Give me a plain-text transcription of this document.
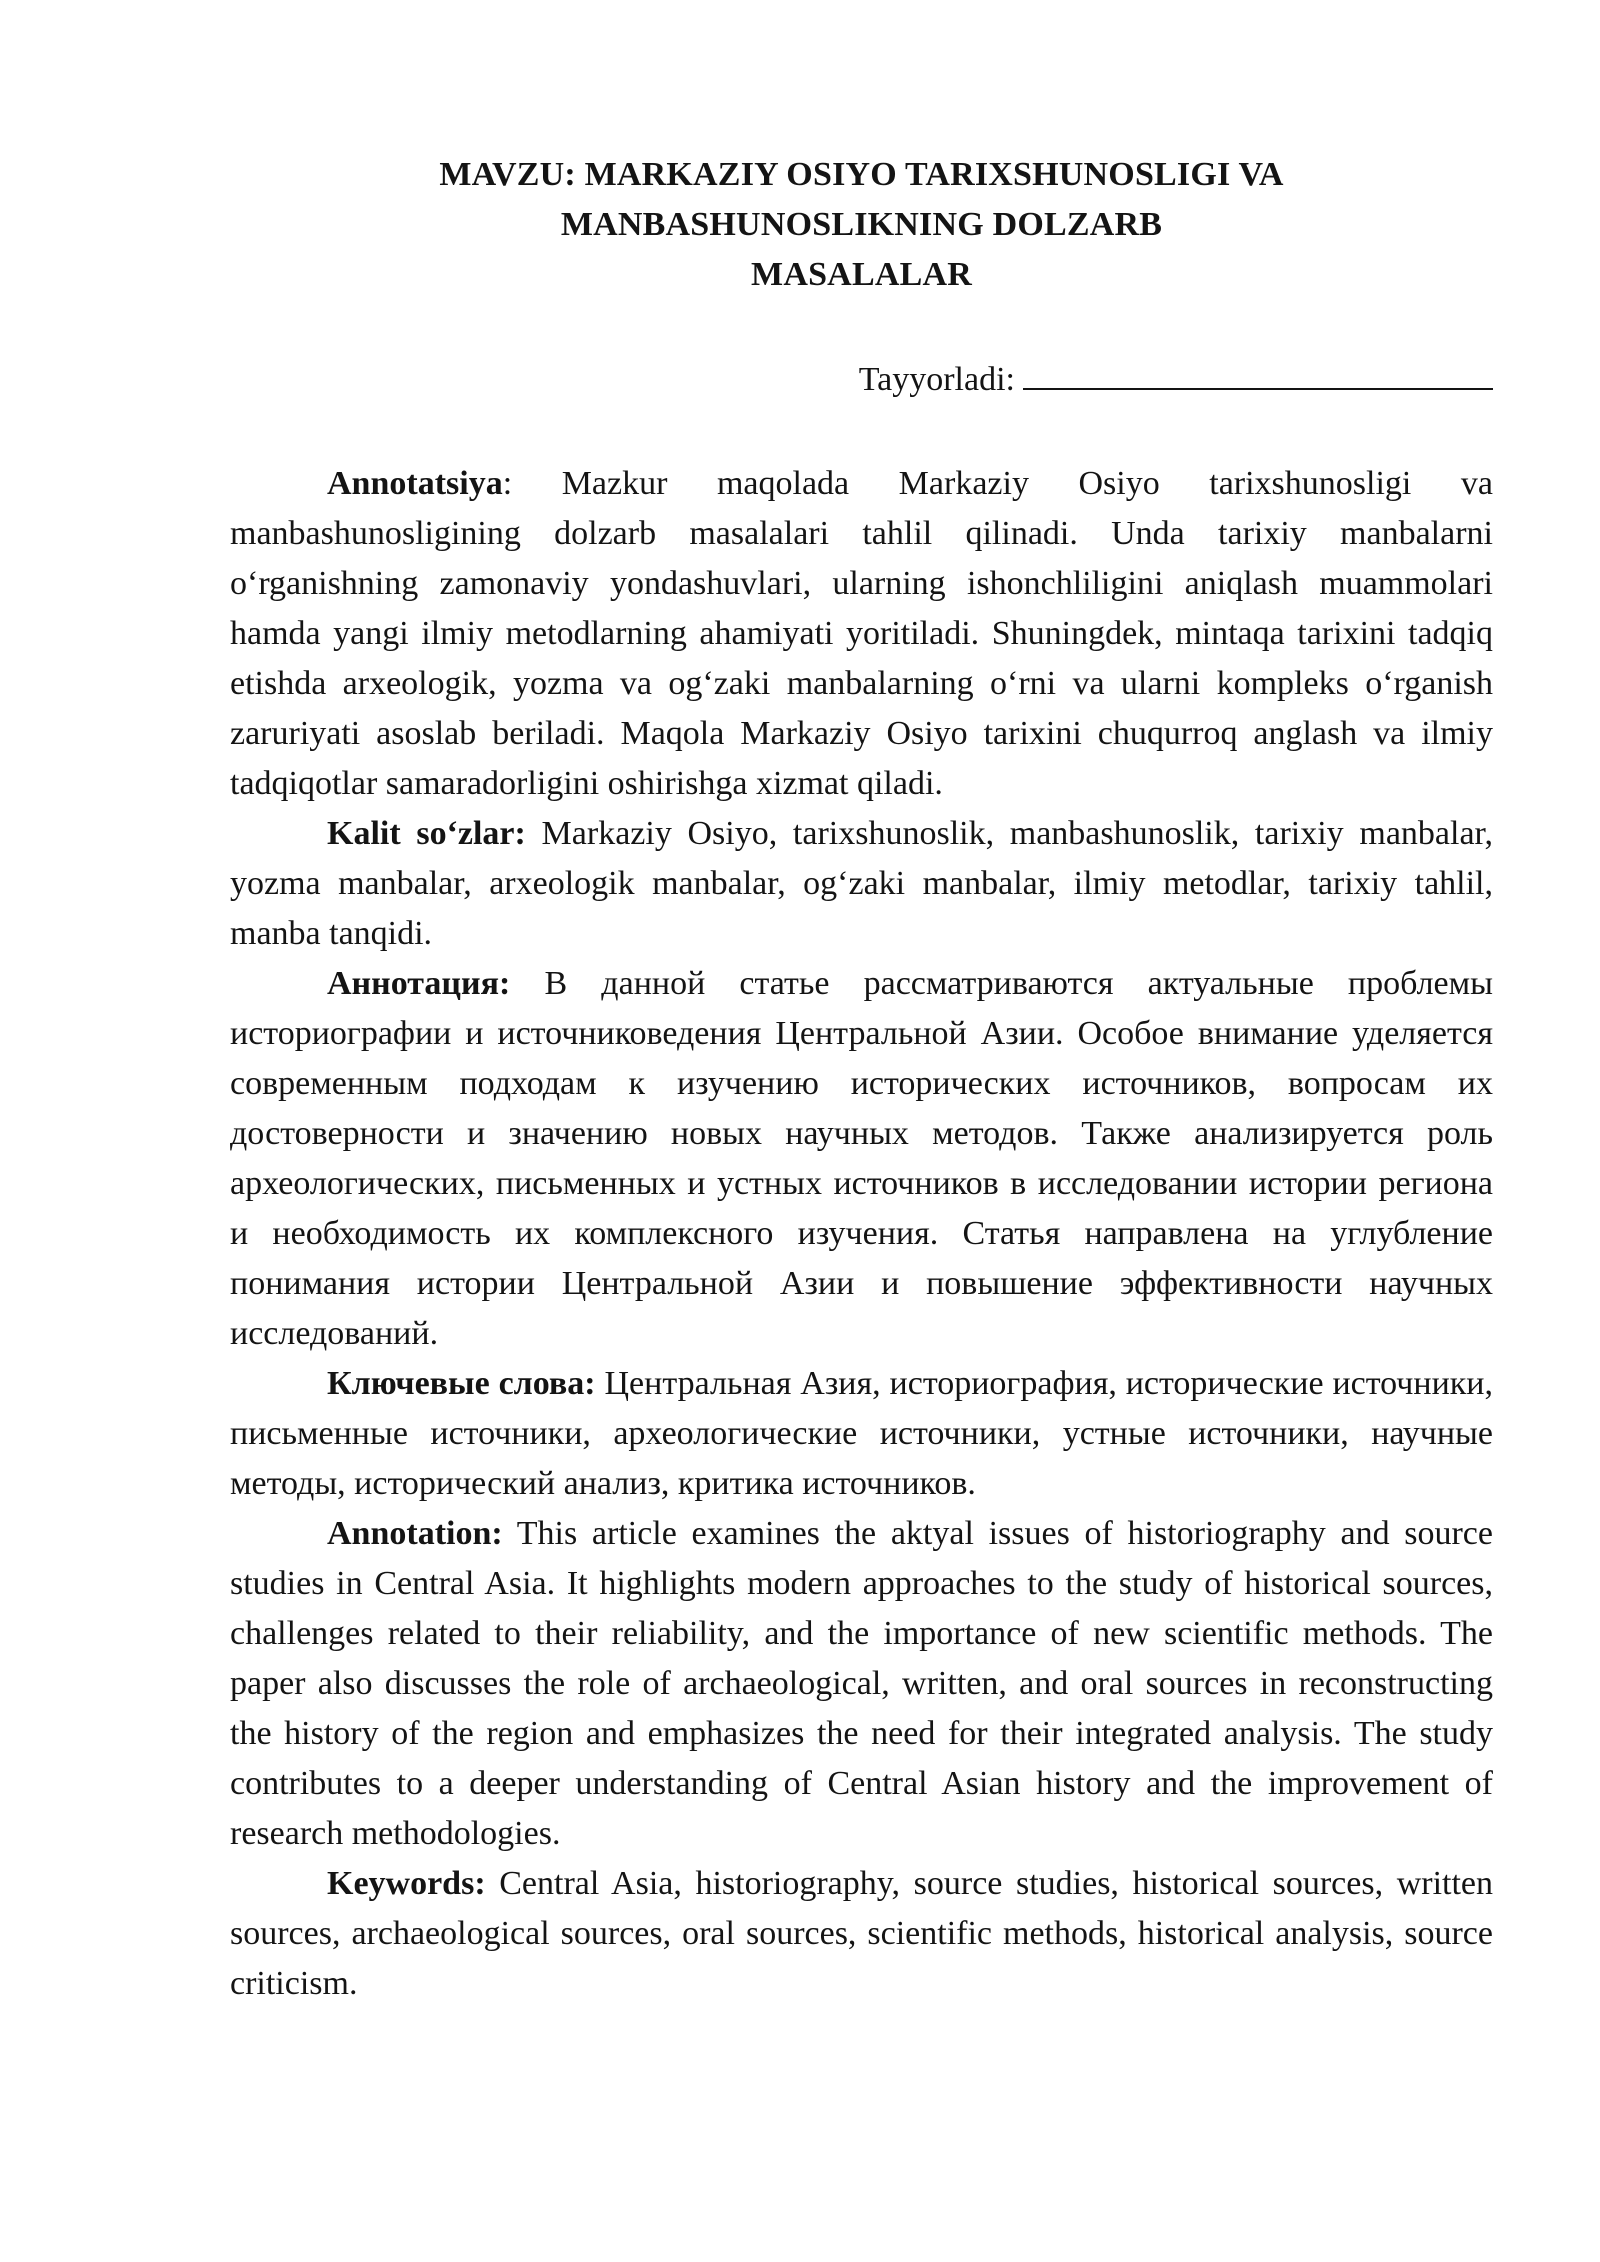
MAVZU: MARKAZIY OSIYO TARIXSHUNOSLIGI VA
MANBASHUNOSLIKNING DOLZARB
MASALALAR
Tayyorladi:

Annotatsiya: Mazkur maqolada Markaziy Osiyo tarixshunosligi va manbashunosligining dolzarb masalalari tahlil qilinadi. Unda tarixiy manbalarni o‘rganishning zamonaviy yondashuvlari, ularning ishonchliligini aniqlash muammolari hamda yangi ilmiy metodlarning ahamiyati yoritiladi. Shuningdek, mintaqa tarixini tadqiq etishda arxeologik, yozma va og‘zaki manbalarning o‘rni va ularni kompleks o‘rganish zaruriyati asoslab beriladi. Maqola Markaziy Osiyo tarixini chuqurroq anglash va ilmiy tadqiqotlar samaradorligini oshirishga xizmat qiladi.

Kalit so‘zlar: Markaziy Osiyo, tarixshunoslik, manbashunoslik, tarixiy manbalar, yozma manbalar, arxeologik manbalar, og‘zaki manbalar, ilmiy metodlar, tarixiy tahlil, manba tanqidi.

Аннотация: В данной статье рассматриваются актуальные проблемы историографии и источниковедения Центральной Азии. Особое внимание уделяется современным подходам к изучению исторических источников, вопросам их достоверности и значению новых научных методов. Также анализируется роль археологических, письменных и устных источников в исследовании истории региона и необходимость их комплексного изучения. Статья направлена на углубление понимания истории Центральной Азии и повышение эффективности научных исследований.

Ключевые слова: Центральная Азия, историография, исторические источники, письменные источники, археологические источники, устные источники, научные методы, исторический анализ, критика источников.

Annotation: This article examines the aktyal issues of historiography and source studies in Central Asia. It highlights modern approaches to the study of historical sources, challenges related to their reliability, and the importance of new scientific methods. The paper also discusses the role of archaeological, written, and oral sources in reconstructing the history of the region and emphasizes the need for their integrated analysis. The study contributes to a deeper understanding of Central Asian history and the improvement of research methodologies.

Keywords: Central Asia, historiography, source studies, historical sources, written sources, archaeological sources, oral sources, scientific methods, historical analysis, source criticism.
